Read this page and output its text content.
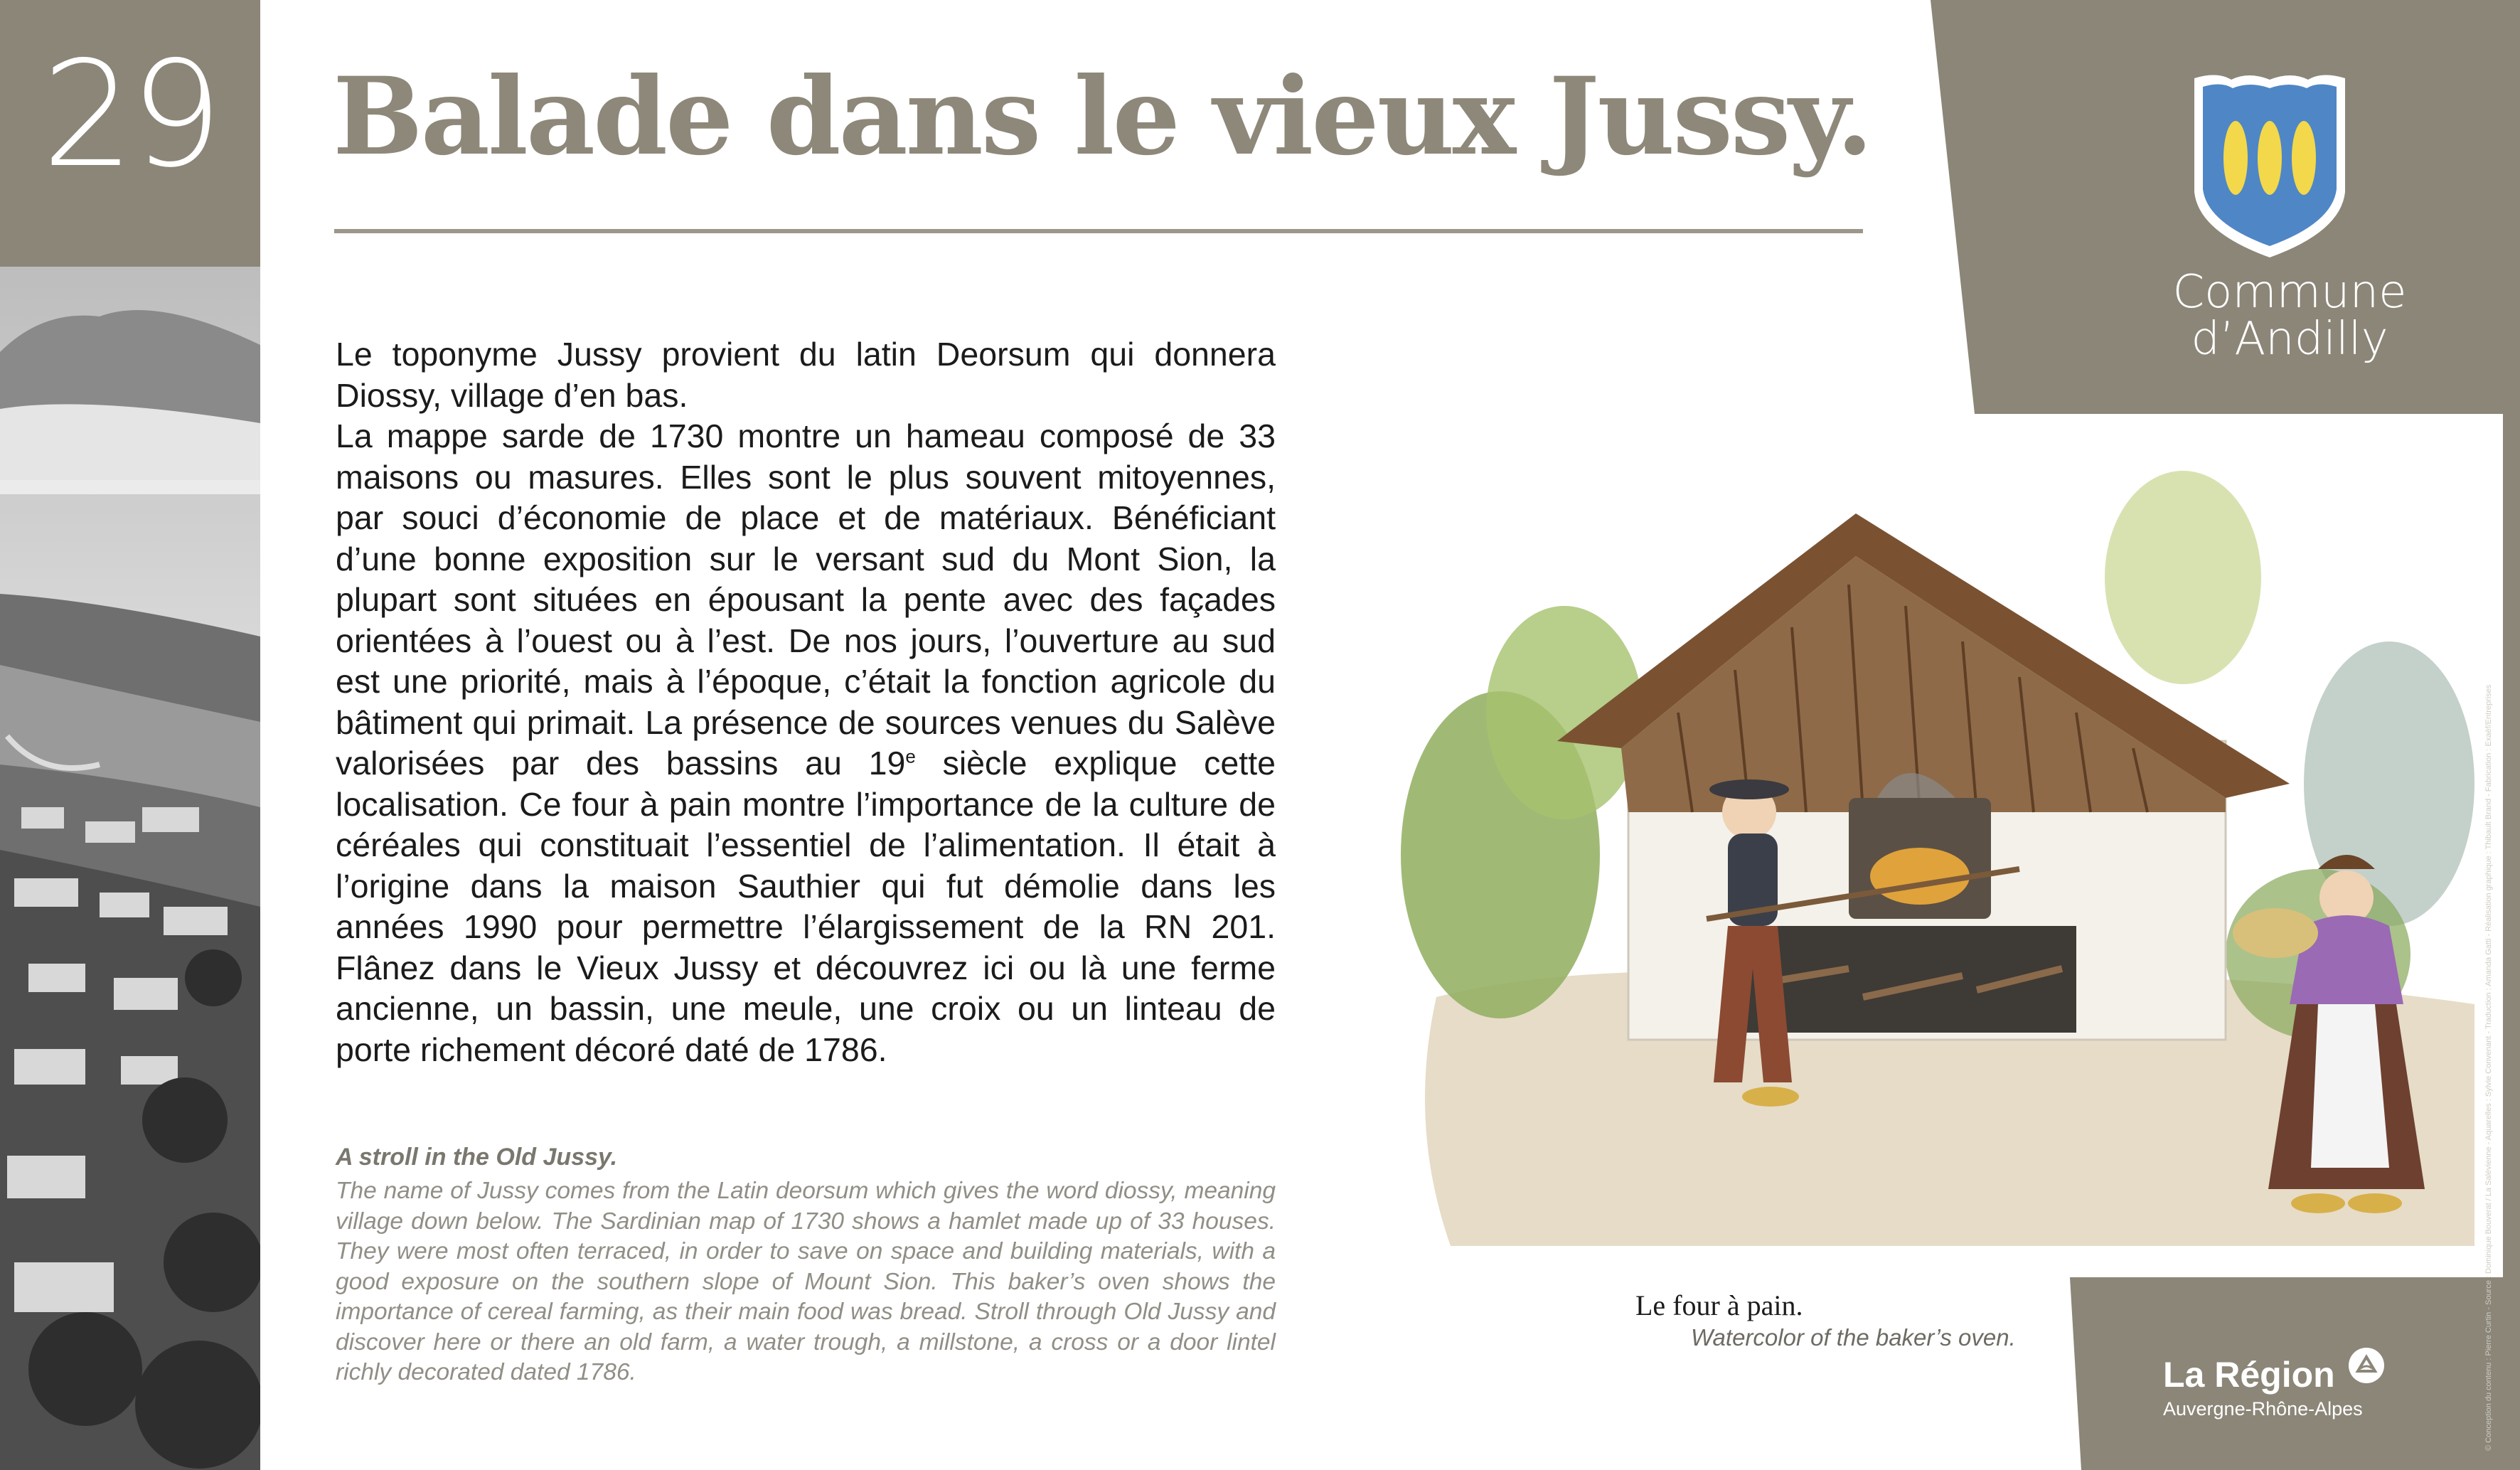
29	Balade dans le vieux Jussy.

Le toponyme Jussy provient du latin Deorsum qui donnera Diossy, village d’en bas.

La mappe sarde de 1730 montre un hameau composé de 33 maisons ou masures. Elles sont le plus souvent mitoyennes, par souci d’économie de place et de matériaux. Bénéficiant d’une bonne exposition sur le versant sud du Mont Sion, la plupart sont situées en épousant la pente avec des façades orientées à l’ouest ou à l’est. De nos jours, l’ouverture au sud est une priorité, mais à l’époque, c’était la fonction agricole du bâtiment qui primait. La présence de sources venues du Salève valorisées par des bassins au 19e siècle explique cette localisation. Ce four à pain montre l’importance de la culture de céréales qui constituait l’essentiel de l’alimentation. Il était à l’origine dans la maison Sauthier qui fut démolie dans les années 1990 pour permettre l’élargissement de la RN 201. Flânez dans le Vieux Jussy et découvrez ici ou là une ferme ancienne, un bassin, une meule, une croix ou un linteau de porte richement décoré daté de 1786.

A stroll in the Old Jussy.

The name of Jussy comes from the Latin deorsum which gives the word diossy, meaning village down below. The Sardinian map of 1730 shows a hamlet made up of 33 houses. They were most often terraced, in order to save on space and building materials, with a good exposure on the southern slope of Mount Sion. This baker’s oven shows the importance of cereal farming, as their main food was bread. Stroll through Old Jussy and discover here or there an old farm, a water trough, a millstone, a cross or a door lintel richly decorated dated 1786.

Commune
d’Andilly
Le four à pain.
Watercolor of the baker’s oven.
La Région
Auvergne-Rhône-Alpes	© Conception du contenu : Pierre Curtin - Source : Dominique Bouverat / La Salévienne - Aquarelles : Sylvie Convenant - Traduction : Amanda Gatti - Réalisation graphique : Thibault Brand - Fabrication : Exaëf/Entreprises
